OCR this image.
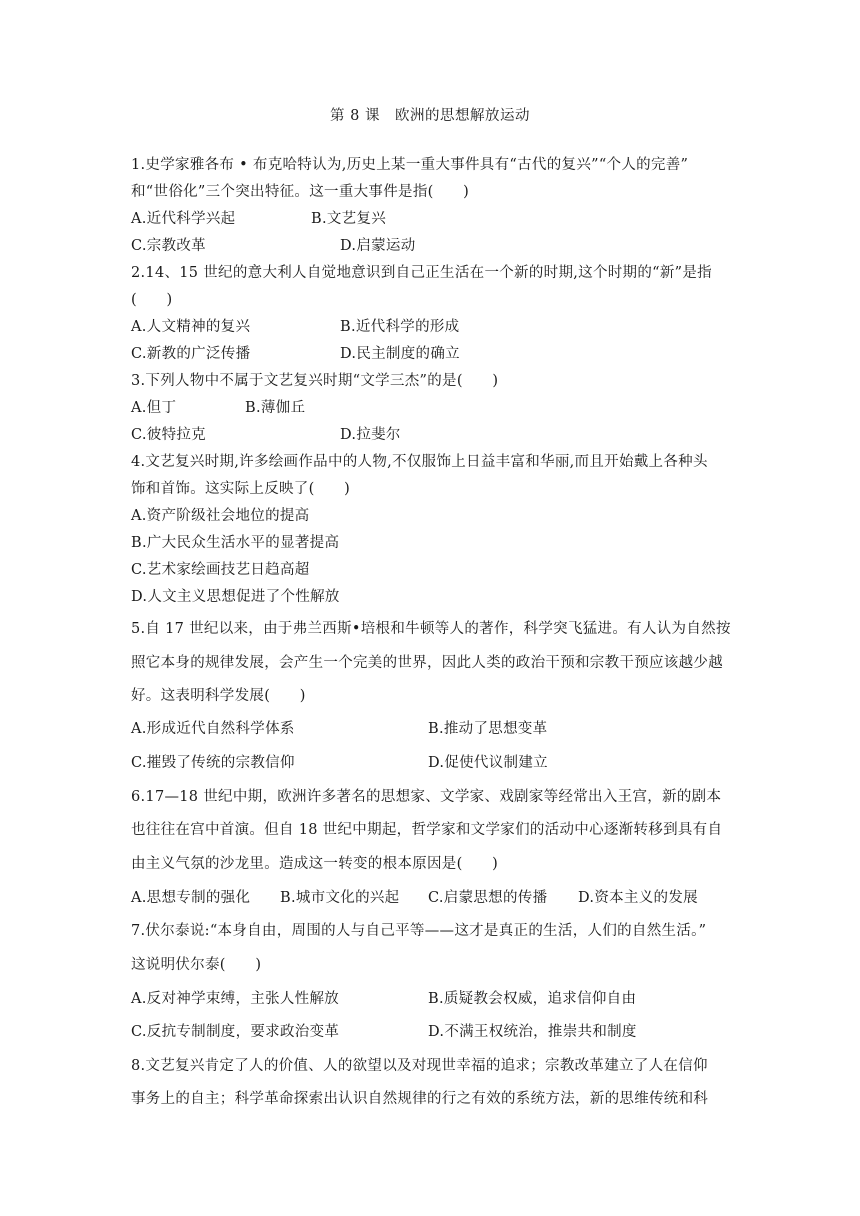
第 8 课　欧洲的思想解放运动
1.史学家雅各布 • 布克哈特认为,历史上某一重大事件具有“古代的复兴”“个人的完善”
和“世俗化”三个突出特征。这一重大事件是指(　　)
A.近代科学兴起	B.文艺复兴
C.宗教改革	D.启蒙运动
2.14、15 世纪的意大利人自觉地意识到自己正生活在一个新的时期,这个时期的“新”是指
(　　)
A.人文精神的复兴	B.近代科学的形成
C.新教的广泛传播	D.民主制度的确立
3.下列人物中不属于文艺复兴时期“文学三杰”的是(　　)
A.但丁	B.薄伽丘
C.彼特拉克	D.拉斐尔
4.文艺复兴时期,许多绘画作品中的人物,不仅服饰上日益丰富和华丽,而且开始戴上各种头
饰和首饰。这实际上反映了(　　)
A.资产阶级社会地位的提高
B.广大民众生活水平的显著提高
C.艺术家绘画技艺日趋高超
D.人文主义思想促进了个性解放
5.自 17 世纪以来，由于弗兰西斯•培根和牛顿等人的著作，科学突飞猛进。有人认为自然按
照它本身的规律发展，会产生一个完美的世界，因此人类的政治干预和宗教干预应该越少越
好。这表明科学发展(　　)
A.形成近代自然科学体系	B.推动了思想变革
C.摧毁了传统的宗教信仰	D.促使代议制建立
6.17—18 世纪中期，欧洲许多著名的思想家、文学家、戏剧家等经常出入王宫，新的剧本
也往往在宫中首演。但自 18 世纪中期起，哲学家和文学家们的活动中心逐渐转移到具有自
由主义气氛的沙龙里。造成这一转变的根本原因是(　　)
A.思想专制的强化 B.城市文化的兴起 C.启蒙思想的传播 D.资本主义的发展
7.伏尔泰说:“本身自由，周围的人与自己平等——这才是真正的生活，人们的自然生活。”
这说明伏尔泰(　　)
A.反对神学束缚，主张人性解放	B.质疑教会权威，追求信仰自由
C.反抗专制制度，要求政治变革	D.不满王权统治，推崇共和制度
8.文艺复兴肯定了人的价值、人的欲望以及对现世幸福的追求；宗教改革建立了人在信仰
事务上的自主；科学革命探索出认识自然规律的行之有效的系统方法，新的思维传统和科
